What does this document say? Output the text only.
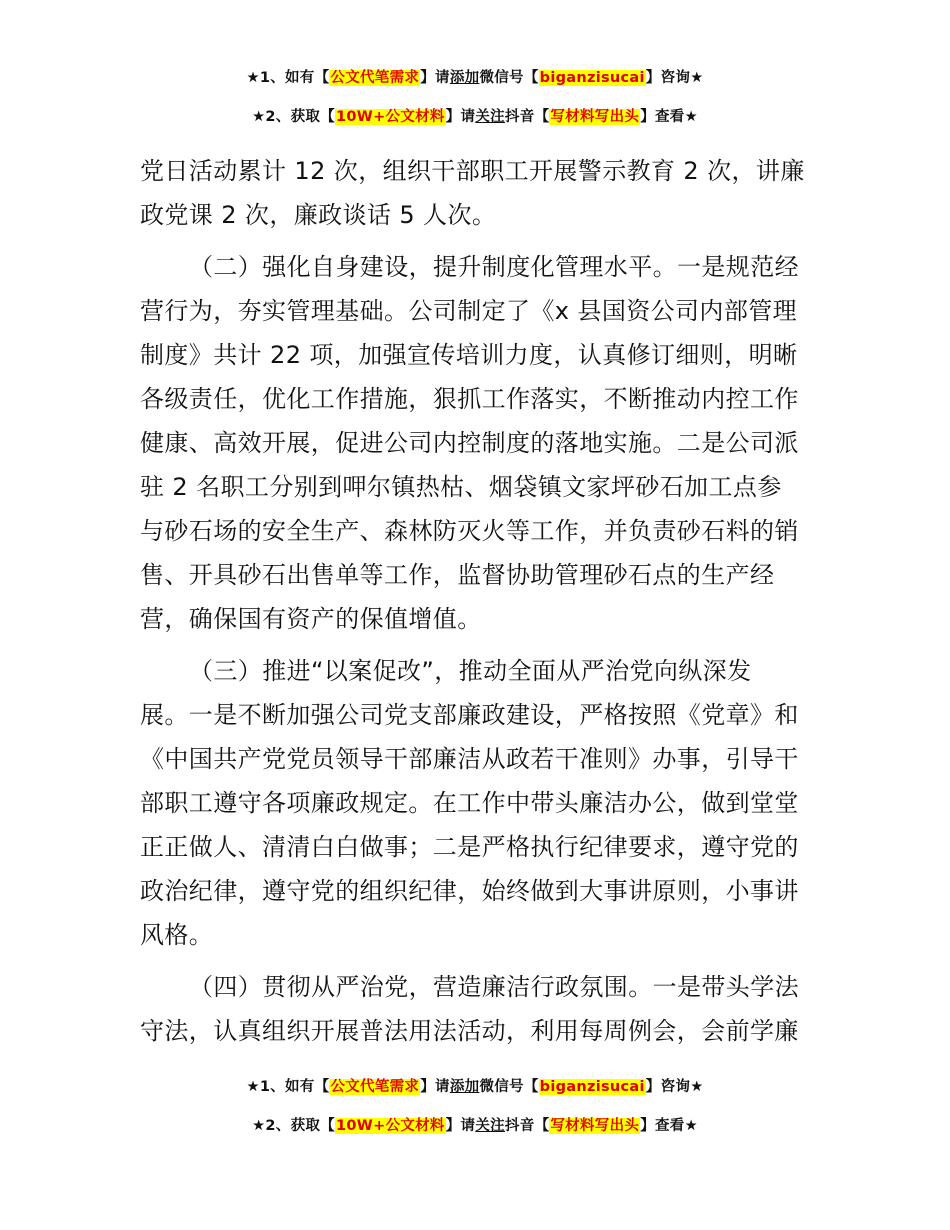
★1、如有【公文代笔需求】请添加微信号【biganzisucai】咨询★
★2、获取【10W+公文材料】请关注抖音【写材料写出头】查看★

党日活动累计 12 次，组织干部职工开展警示教育 2 次，讲廉
政党课 2 次，廉政谈话 5 人次。

（二）强化自身建设，提升制度化管理水平。一是规范经
营行为，夯实管理基础。公司制定了《x 县国资公司内部管理
制度》共计 22 项，加强宣传培训力度，认真修订细则，明晰
各级责任，优化工作措施，狠抓工作落实，不断推动内控工作
健康、高效开展，促进公司内控制度的落地实施。二是公司派
驻 2 名职工分别到呷尔镇热枯、烟袋镇文家坪砂石加工点参
与砂石场的安全生产、森林防灭火等工作，并负责砂石料的销
售、开具砂石出售单等工作，监督协助管理砂石点的生产经
营，确保国有资产的保值增值。

（三）推进“以案促改”，推动全面从严治党向纵深发
展。一是不断加强公司党支部廉政建设，严格按照《党章》和
《中国共产党党员领导干部廉洁从政若干准则》办事，引导干
部职工遵守各项廉政规定。在工作中带头廉洁办公，做到堂堂
正正做人、清清白白做事；二是严格执行纪律要求，遵守党的
政治纪律，遵守党的组织纪律，始终做到大事讲原则，小事讲
风格。

（四）贯彻从严治党，营造廉洁行政氛围。一是带头学法
守法，认真组织开展普法用法活动，利用每周例会，会前学廉

★1、如有【公文代笔需求】请添加微信号【biganzisucai】咨询★
★2、获取【10W+公文材料】请关注抖音【写材料写出头】查看★
